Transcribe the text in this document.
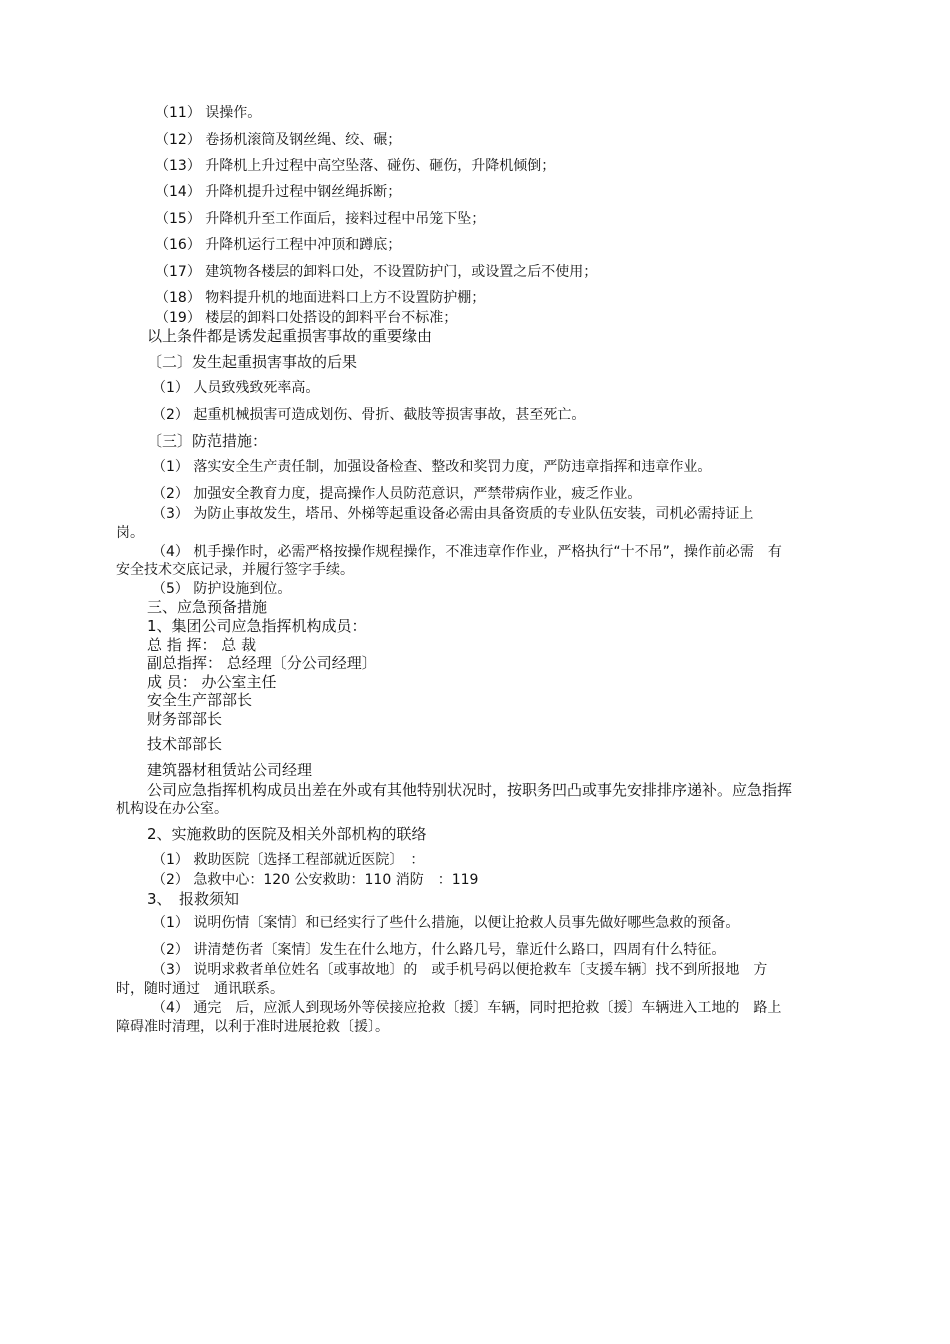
（11） 误操作。
（12） 卷扬机滚筒及钢丝绳、绞、碾；
（13） 升降机上升过程中高空坠落、碰伤、砸伤，升降机倾倒；
（14） 升降机提升过程中钢丝绳拆断；
（15） 升降机升至工作面后，接料过程中吊笼下坠；
（16） 升降机运行工程中冲顶和蹲底；
（17） 建筑物各楼层的卸料口处，不设置防护门，或设置之后不使用；
（18） 物料提升机的地面进料口上方不设置防护棚；
（19） 楼层的卸料口处搭设的卸料平台不标准；
以上条件都是诱发起重损害事故的重要缘由
〔二〕发生起重损害事故的后果
（1） 人员致残致死率高。
（2） 起重机械损害可造成划伤、骨折、截肢等损害事故，甚至死亡。
〔三〕防范措施：
（1） 落实安全生产责任制，加强设备检查、整改和奖罚力度，严防违章指挥和违章作业。
（2） 加强安全教育力度，提高操作人员防范意识，严禁带病作业，疲乏作业。
（3） 为防止事故发生，塔吊、外梯等起重设备必需由具备资质的专业队伍安装，司机必需持证上
岗。
（4） 机手操作时，必需严格按操作规程操作，不准违章作作业，严格执行“十不吊”，操作前必需　有
安全技术交底记录，并履行签字手续。
（5） 防护设施到位。
三、应急预备措施
1、集团公司应急指挥机构成员：
总 指 挥： 总 裁
副总指挥： 总经理〔分公司经理〕
成 员： 办公室主任
安全生产部部长
财务部部长
技术部部长
建筑器材租赁站公司经理
公司应急指挥机构成员出差在外或有其他特别状况时，按职务凹凸或事先安排排序递补。应急指挥
机构设在办公室。
2、实施救助的医院及相关外部机构的联络
（1） 救助医院〔选择工程部就近医院〕　：
（2） 急救中心：120 公安救助：110 消防　：119
3、　报救须知
（1） 说明伤情〔案情〕和已经实行了些什么措施，以便让抢救人员事先做好哪些急救的预备。
（2） 讲清楚伤者〔案情〕发生在什么地方，什么路几号，靠近什么路口，四周有什么特征。
（3） 说明求救者单位姓名〔或事故地〕的　或手机号码以便抢救车〔支援车辆〕找不到所报地　方
时，随时通过　通讯联系。
（4） 通完　后，应派人到现场外等侯接应抢救〔援〕车辆，同时把抢救〔援〕车辆进入工地的　路上
障碍准时清理，以利于准时进展抢救〔援〕。
